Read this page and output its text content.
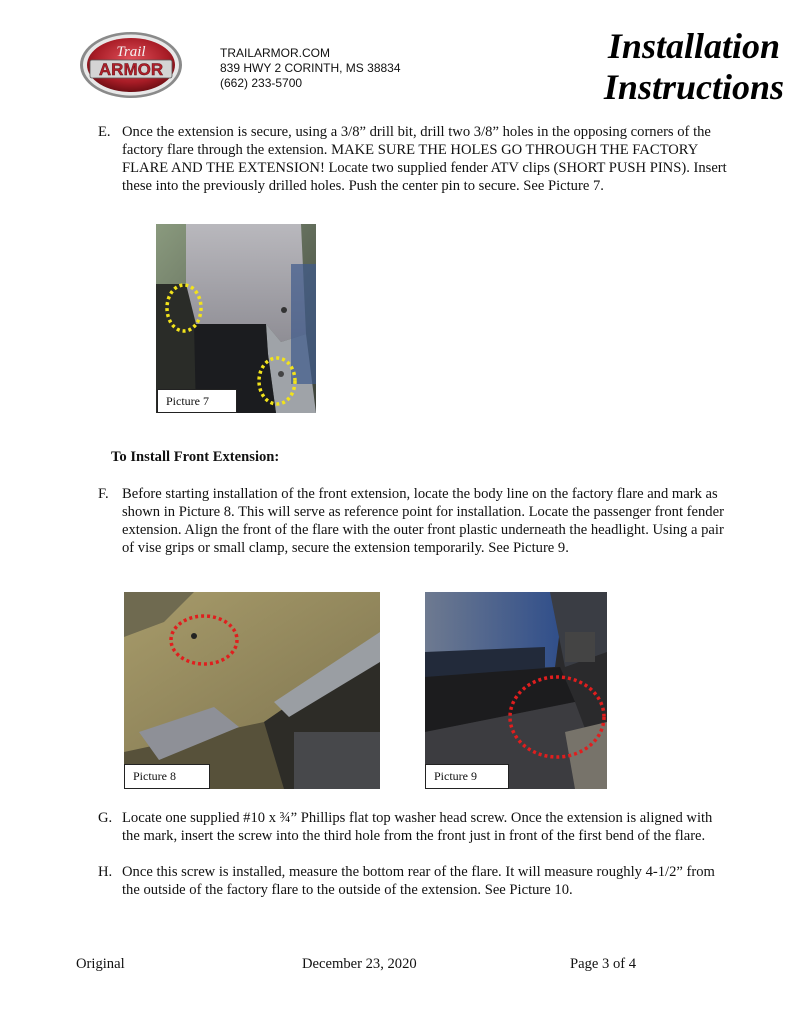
Trail
ARMOR
TRAILARMOR.COM
839 HWY 2 CORINTH, MS 38834
(662) 233-5700
Installation
Instructions
E. Once the extension is secure, using a 3/8” drill bit, drill two 3/8” holes in the opposing corners of the factory flare through the extension. MAKE SURE THE HOLES GO THROUGH THE FACTORY FLARE AND THE EXTENSION! Locate two supplied fender ATV clips (SHORT PUSH PINS). Insert these into the previously drilled holes. Push the center pin to secure. See Picture 7.
Picture 7
To Install Front Extension:
F. Before starting installation of the front extension, locate the body line on the factory flare and mark as shown in Picture 8. This will serve as reference point for installation. Locate the passenger front fender extension. Align the front of the flare with the outer front plastic underneath the headlight. Using a pair of vise grips or small clamp, secure the extension temporarily. See Picture 9.
Picture 8	Picture 9
G. Locate one supplied #10 x ¾” Phillips flat top washer head screw. Once the extension is aligned with the mark, insert the screw into the third hole from the front just in front of the first bend of the flare.
H. Once this screw is installed, measure the bottom rear of the flare. It will measure roughly 4-1/2” from the outside of the factory flare to the outside of the extension. See Picture 10.
Original	December 23, 2020	Page 3 of 4
